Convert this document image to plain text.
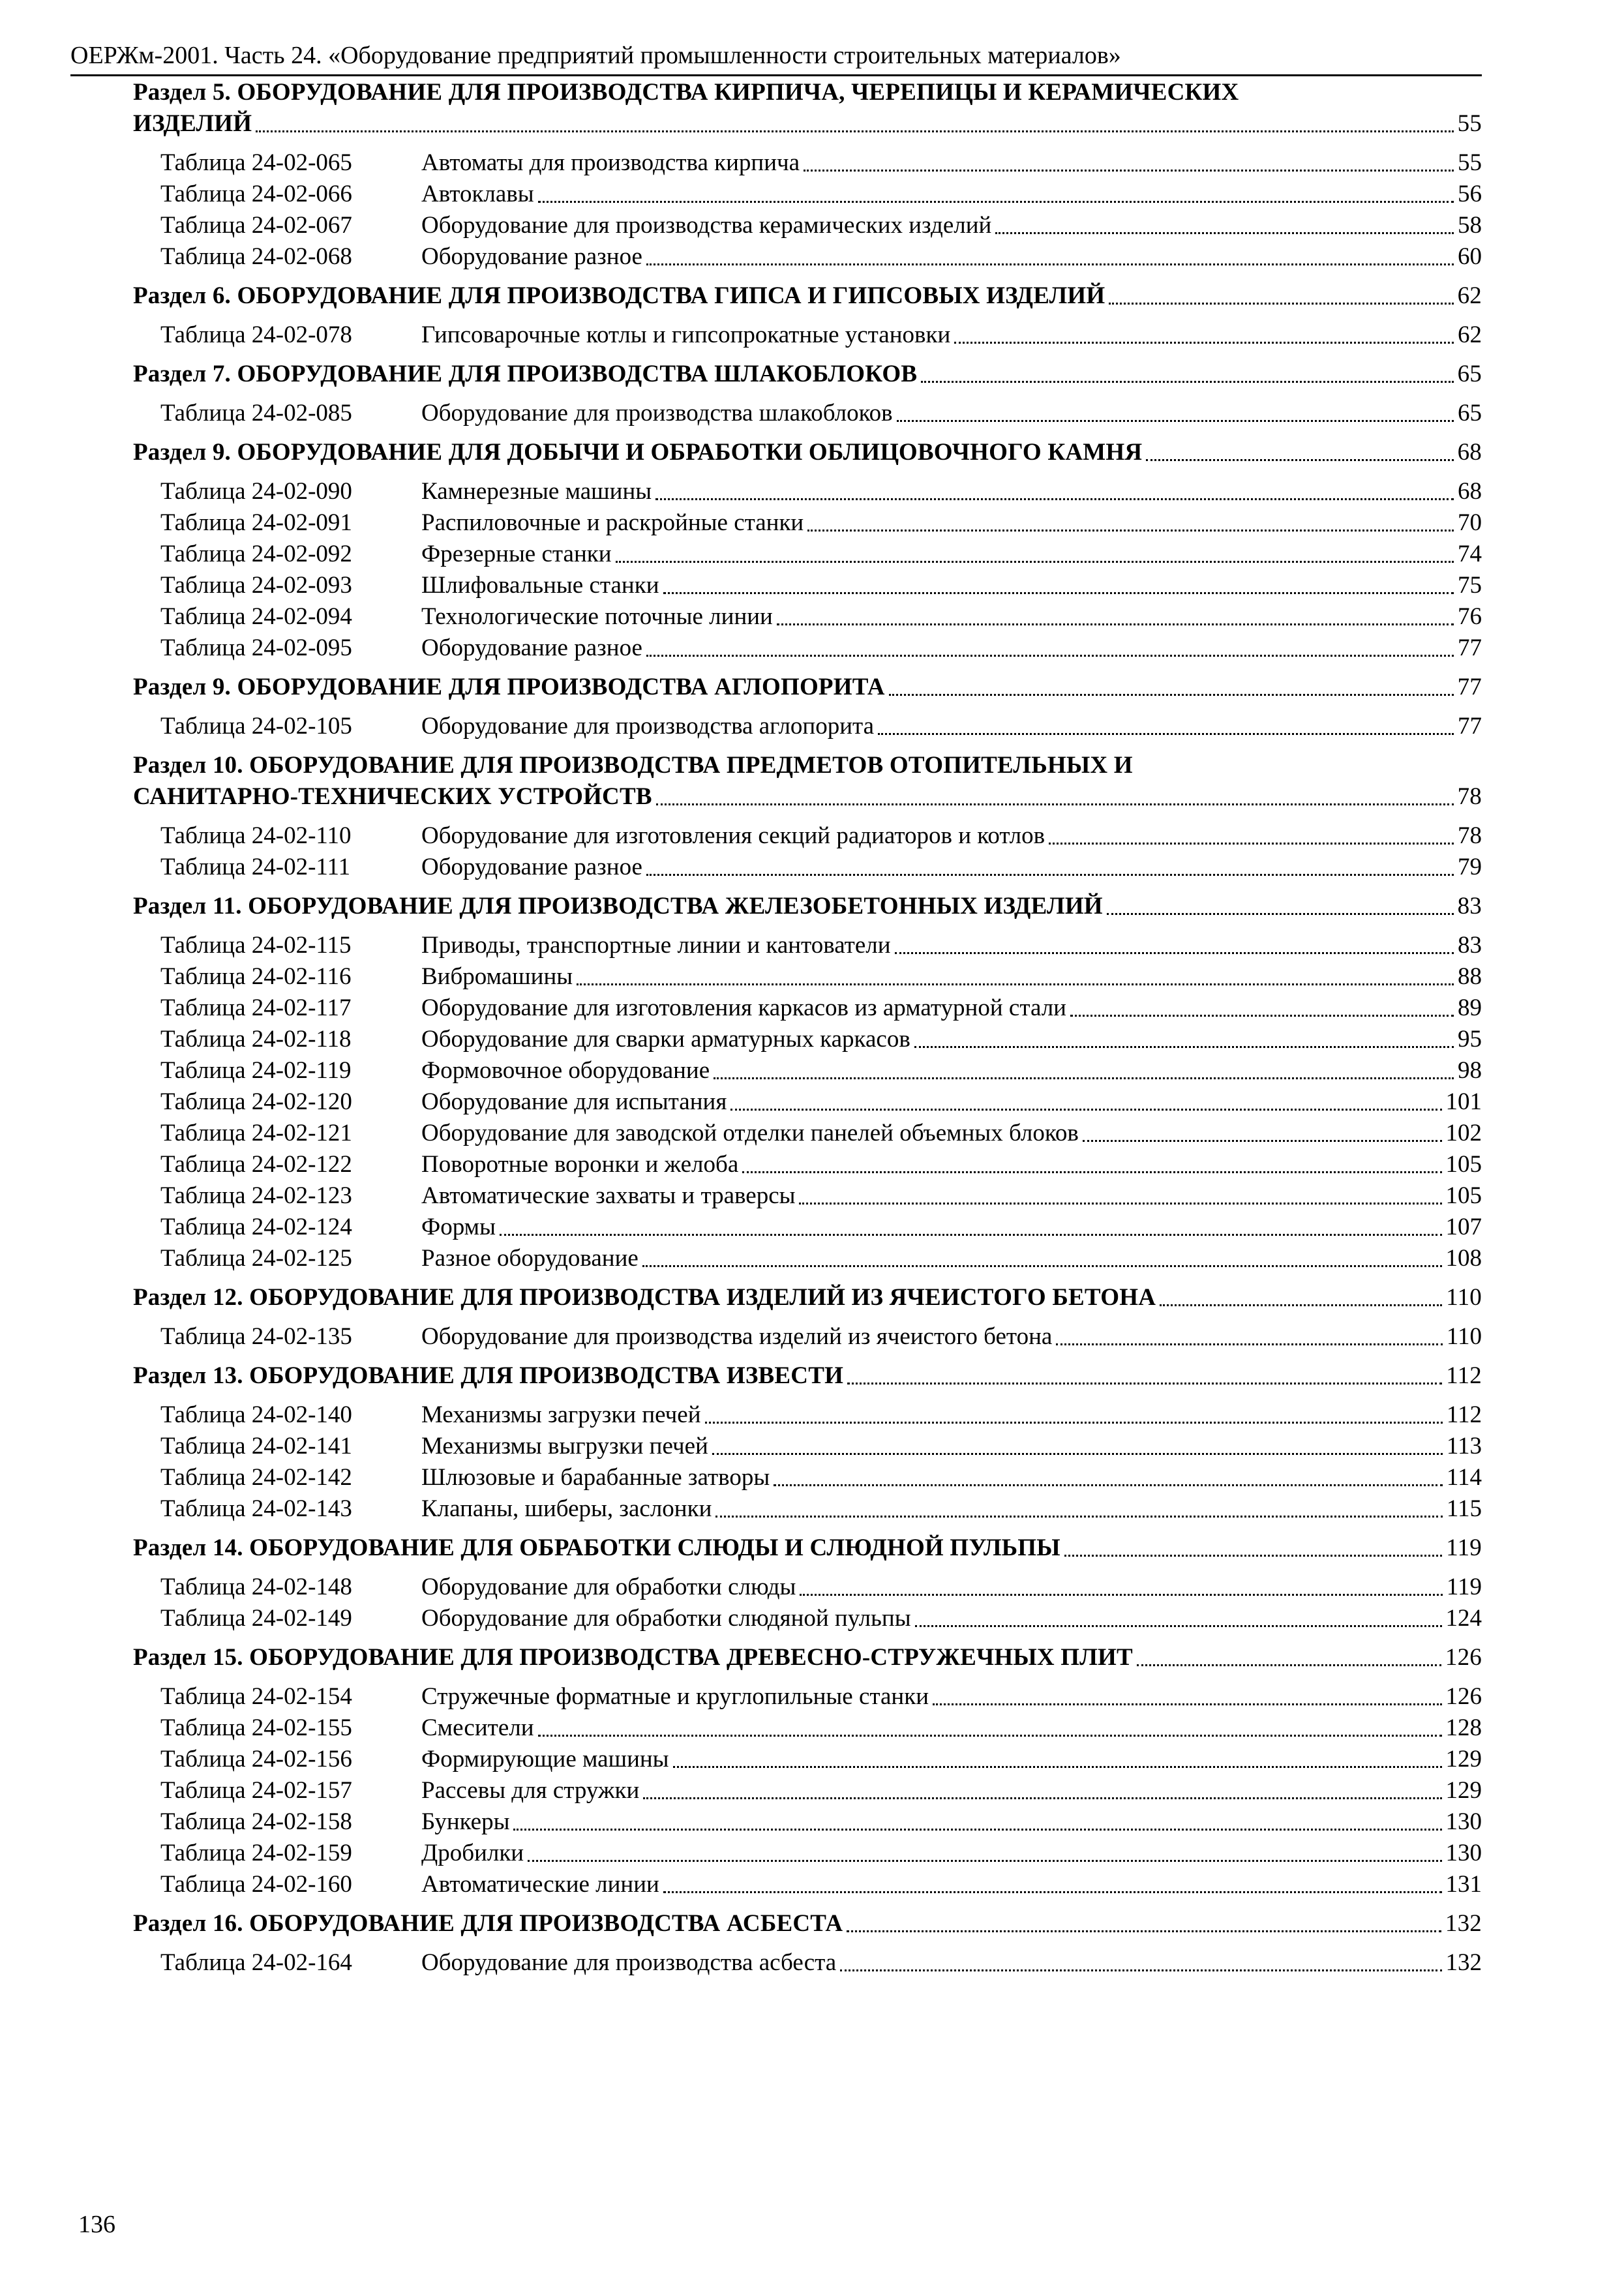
ОЕРЖм-2001. Часть 24. «Оборудование предприятий промышленности строительных материалов»
Раздел 5. ОБОРУДОВАНИЕ ДЛЯ ПРОИЗВОДСТВА КИРПИЧА, ЧЕРЕПИЦЫ И КЕРАМИЧЕСКИХ
ИЗДЕЛИЙ	55
Таблица 24-02-065	Автоматы для производства кирпича	55
Таблица 24-02-066	Автоклавы	56
Таблица 24-02-067	Оборудование для производства керамических изделий	58
Таблица 24-02-068	Оборудование разное	60
Раздел 6. ОБОРУДОВАНИЕ ДЛЯ ПРОИЗВОДСТВА ГИПСА И ГИПСОВЫХ ИЗДЕЛИЙ	62
Таблица 24-02-078	Гипсоварочные котлы и гипсопрокатные установки	62
Раздел 7. ОБОРУДОВАНИЕ ДЛЯ ПРОИЗВОДСТВА ШЛАКОБЛОКОВ	65
Таблица 24-02-085	Оборудование для производства шлакоблоков	65
Раздел 9. ОБОРУДОВАНИЕ ДЛЯ ДОБЫЧИ И ОБРАБОТКИ ОБЛИЦОВОЧНОГО КАМНЯ	68
Таблица 24-02-090	Камнерезные машины	68
Таблица 24-02-091	Распиловочные и раскройные станки	70
Таблица 24-02-092	Фрезерные станки	74
Таблица 24-02-093	Шлифовальные станки	75
Таблица 24-02-094	Технологические поточные линии	76
Таблица 24-02-095	Оборудование разное	77
Раздел 9. ОБОРУДОВАНИЕ ДЛЯ ПРОИЗВОДСТВА АГЛОПОРИТА	77
Таблица 24-02-105	Оборудование для производства аглопорита	77
Раздел 10. ОБОРУДОВАНИЕ ДЛЯ ПРОИЗВОДСТВА ПРЕДМЕТОВ ОТОПИТЕЛЬНЫХ И
САНИТАРНО-ТЕХНИЧЕСКИХ УСТРОЙСТВ	78
Таблица 24-02-110	Оборудование для изготовления секций радиаторов и котлов	78
Таблица 24-02-111	Оборудование разное	79
Раздел 11. ОБОРУДОВАНИЕ ДЛЯ ПРОИЗВОДСТВА ЖЕЛЕЗОБЕТОННЫХ ИЗДЕЛИЙ	83
Таблица 24-02-115	Приводы, транспортные линии и кантователи	83
Таблица 24-02-116	Вибромашины	88
Таблица 24-02-117	Оборудование для изготовления каркасов из арматурной стали	89
Таблица 24-02-118	Оборудование для сварки арматурных каркасов	95
Таблица 24-02-119	Формовочное оборудование	98
Таблица 24-02-120	Оборудование для испытания	101
Таблица 24-02-121	Оборудование для заводской отделки панелей объемных блоков	102
Таблица 24-02-122	Поворотные воронки и желоба	105
Таблица 24-02-123	Автоматические захваты и траверсы	105
Таблица 24-02-124	Формы	107
Таблица 24-02-125	Разное оборудование	108
Раздел 12. ОБОРУДОВАНИЕ ДЛЯ ПРОИЗВОДСТВА ИЗДЕЛИЙ ИЗ ЯЧЕИСТОГО БЕТОНА	110
Таблица 24-02-135	Оборудование для производства изделий из ячеистого бетона	110
Раздел 13. ОБОРУДОВАНИЕ ДЛЯ ПРОИЗВОДСТВА ИЗВЕСТИ	112
Таблица 24-02-140	Механизмы загрузки печей	112
Таблица 24-02-141	Механизмы выгрузки печей	113
Таблица 24-02-142	Шлюзовые и барабанные затворы	114
Таблица 24-02-143	Клапаны, шиберы, заслонки	115
Раздел 14. ОБОРУДОВАНИЕ ДЛЯ ОБРАБОТКИ СЛЮДЫ И СЛЮДНОЙ ПУЛЬПЫ	119
Таблица 24-02-148	Оборудование для обработки слюды	119
Таблица 24-02-149	Оборудование для обработки слюдяной пульпы	124
Раздел 15. ОБОРУДОВАНИЕ ДЛЯ ПРОИЗВОДСТВА ДРЕВЕСНО-СТРУЖЕЧНЫХ ПЛИТ	126
Таблица 24-02-154	Стружечные форматные и круглопильные станки	126
Таблица 24-02-155	Смесители	128
Таблица 24-02-156	Формирующие машины	129
Таблица 24-02-157	Рассевы для стружки	129
Таблица 24-02-158	Бункеры	130
Таблица 24-02-159	Дробилки	130
Таблица 24-02-160	Автоматические линии	131
Раздел 16. ОБОРУДОВАНИЕ ДЛЯ ПРОИЗВОДСТВА АСБЕСТА	132
Таблица 24-02-164	Оборудование для производства асбеста	132
136
